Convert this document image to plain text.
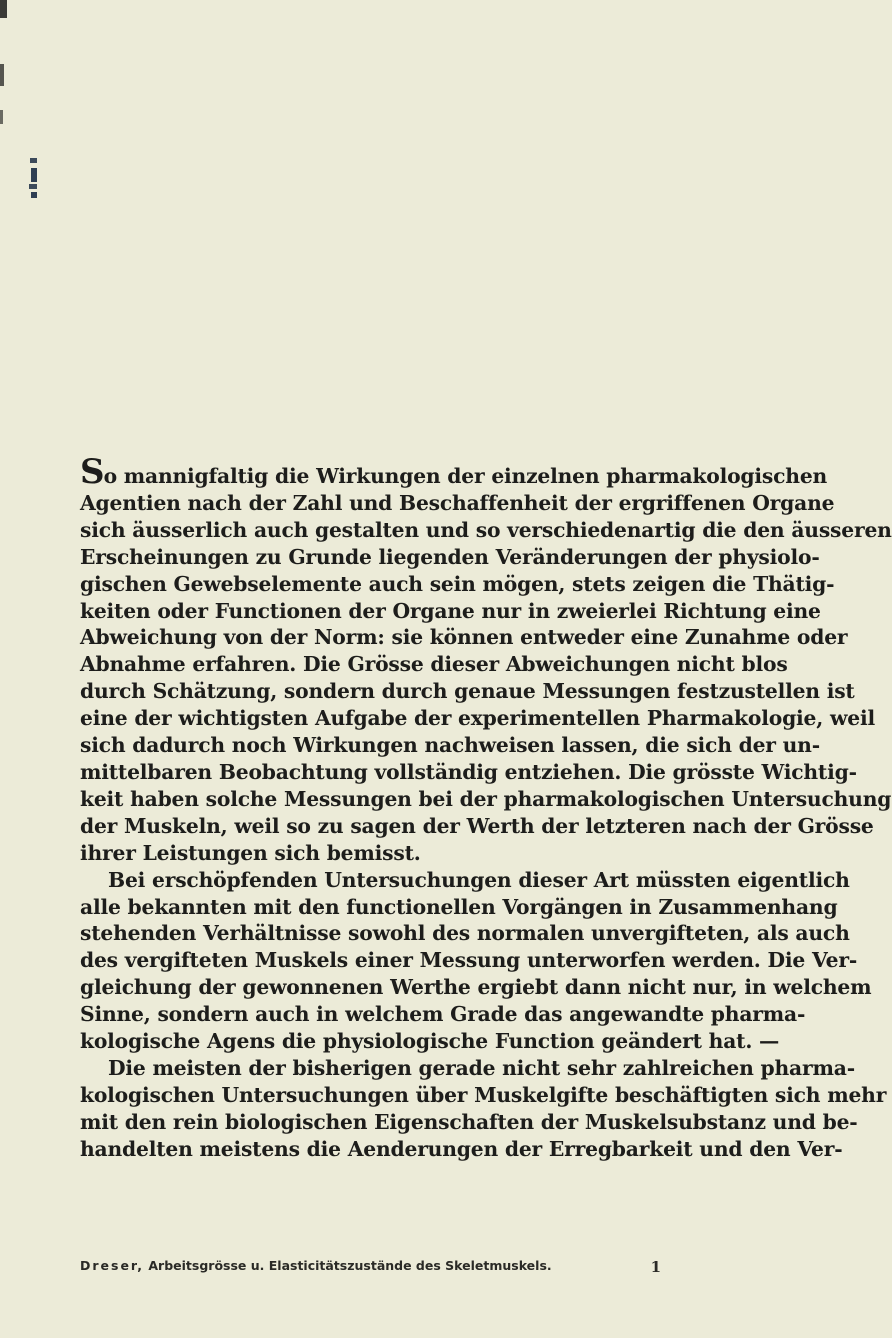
So mannigfaltig die Wirkungen der einzelnen pharmakologischen
Agentien nach der Zahl und Beschaffenheit der ergriffenen Organe
sich äusserlich auch gestalten und so verschiedenartig die den äusseren
Erscheinungen zu Grunde liegenden Veränderungen der physiolo-
gischen Gewebselemente auch sein mögen, stets zeigen die Thätig-
keiten oder Functionen der Organe nur in zweierlei Richtung eine
Abweichung von der Norm: sie können entweder eine Zunahme oder
Abnahme erfahren. Die Grösse dieser Abweichungen nicht blos
durch Schätzung, sondern durch genaue Messungen festzustellen ist
eine der wichtigsten Aufgabe der experimentellen Pharmakologie, weil
sich dadurch noch Wirkungen nachweisen lassen, die sich der un-
mittelbaren Beobachtung vollständig entziehen. Die grösste Wichtig-
keit haben solche Messungen bei der pharmakologischen Untersuchung
der Muskeln, weil so zu sagen der Werth der letzteren nach der Grösse
ihrer Leistungen sich bemisst.

Bei erschöpfenden Untersuchungen dieser Art müssten eigentlich
alle bekannten mit den functionellen Vorgängen in Zusammenhang
stehenden Verhältnisse sowohl des normalen unvergifteten, als auch
des vergifteten Muskels einer Messung unterworfen werden. Die Ver-
gleichung der gewonnenen Werthe ergiebt dann nicht nur, in welchem
Sinne, sondern auch in welchem Grade das angewandte pharma-
kologische Agens die physiologische Function geändert hat. —

Die meisten der bisherigen gerade nicht sehr zahlreichen pharma-
kologischen Untersuchungen über Muskelgifte beschäftigten sich mehr
mit den rein biologischen Eigenschaften der Muskelsubstanz und be-
handelten meistens die Aenderungen der Erregbarkeit und den Ver-

Dreser, Arbeitsgrösse u. Elasticitätszustände des Skeletmuskels.	1
